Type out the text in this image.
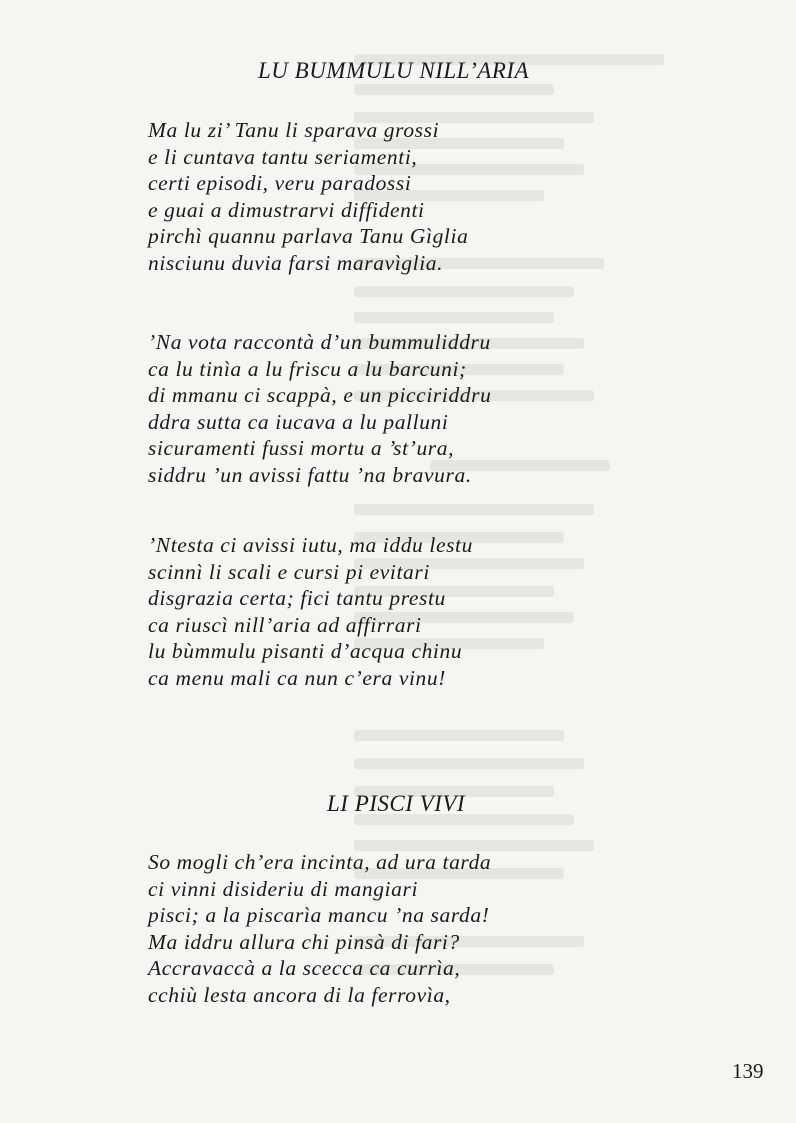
LU BUMMULU NILL’ARIA
Ma lu zi’ Tanu li sparava grossi
e li cuntava tantu seriamenti,
certi episodi, veru paradossi
e guai a dimustrarvi diffidenti
pirchì quannu parlava Tanu Gìglia
nisciunu duvia farsi maravìglia.
’Na vota raccontà d’un bummuliddru
ca lu tinìa a lu friscu a lu barcuni;
di mmanu ci scappà, e un picciriddru
ddra sutta ca iucava a lu palluni
sicuramenti fussi mortu a ’st’ura,
siddru ’un avissi fattu ’na bravura.
’Ntesta ci avissi iutu, ma iddu lestu
scinnì li scali e cursi pi evitari
disgrazia certa; fici tantu prestu
ca riuscì nill’aria ad affirrari
lu bùmmulu pisanti d’acqua chinu
ca menu mali ca nun c’era vinu!
LI PISCI VIVI
So mogli ch’era incinta, ad ura tarda
ci vinni disideriu di mangiari
pisci; a la piscarìa mancu ’na sarda!
Ma iddru allura chi pinsà di fari?
Accravaccà a la scecca ca currìa,
cchiù lesta ancora di la ferrovìa,
139
